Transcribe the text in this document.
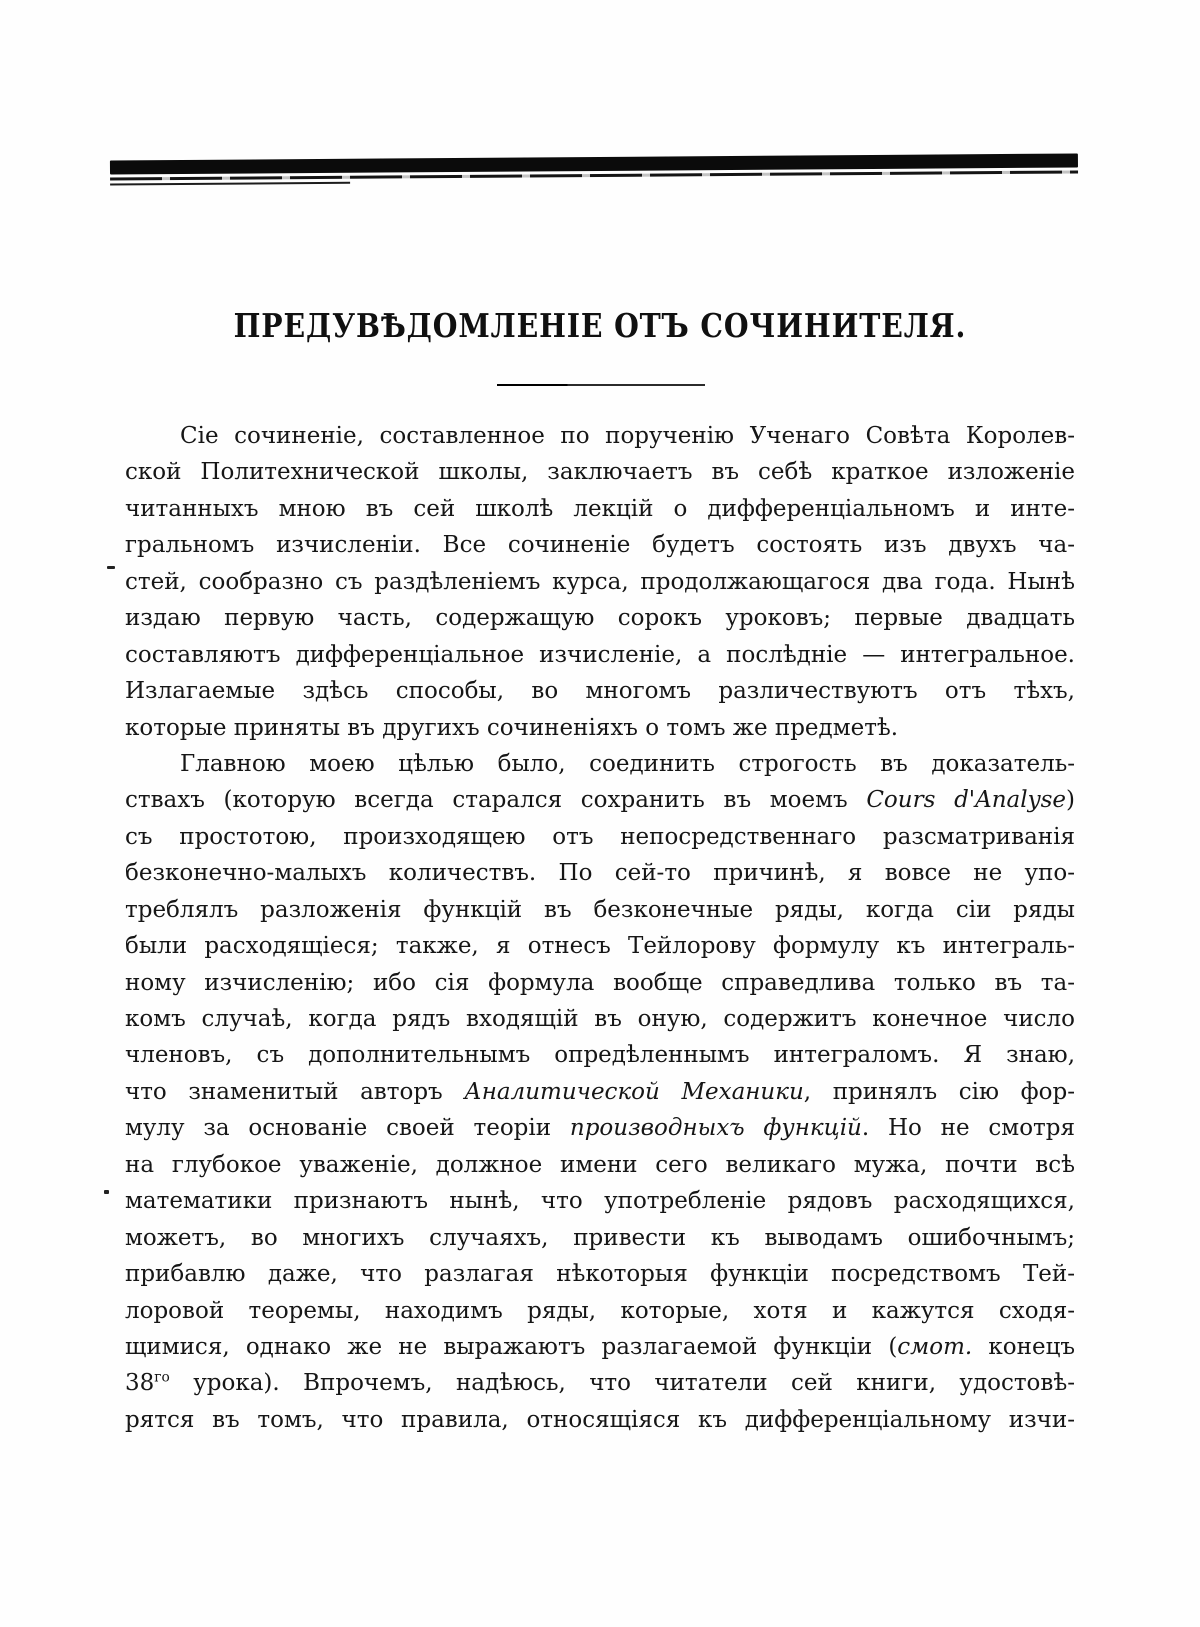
ПРЕДУВѢДОМЛЕНІЕ ОТЪ СОЧИНИТЕЛЯ.
Сіе сочиненіе, составленное по порученію Ученаго Совѣта Королев-
ской Политехнической школы, заключаетъ въ себѣ краткое изложеніе
читанныхъ мною въ сей школѣ лекцій о дифференціальномъ и инте-
гральномъ изчисленіи. Все сочиненіе будетъ состоять изъ двухъ ча-
стей, сообразно съ раздѣленіемъ курса, продолжающагося два года. Нынѣ
издаю первую часть, содержащую сорокъ уроковъ; первые двадцать
составляютъ дифференціальное изчисленіе, а послѣдніе — интегральное.
Излагаемые здѣсь способы, во многомъ различествуютъ отъ тѣхъ,
которые приняты въ другихъ сочиненіяхъ о томъ же предметѣ.
Главною моею цѣлью было, соединить строгость въ доказатель-
ствахъ (которую всегда старался сохранить въ моемъ Cours d'Analyse)
съ простотою, произходящею отъ непосредственнаго разсматриванія
безконечно-малыхъ количествъ. По сей-то причинѣ, я вовсе не упо-
треблялъ разложенія функцій въ безконечные ряды, когда сіи ряды
были расходящіеся; также, я отнесъ Тейлорову формулу къ интеграль-
ному изчисленію; ибо сія формула вообще справедлива только въ та-
комъ случаѣ, когда рядъ входящій въ оную, содержитъ конечное число
членовъ, съ дополнительнымъ опредѣленнымъ интеграломъ. Я знаю,
что знаменитый авторъ Аналитической Механики, принялъ сію фор-
мулу за основаніе своей теоріи производныхъ функцій. Но не смотря
на глубокое уваженіе, должное имени сего великаго мужа, почти всѣ
математики признаютъ нынѣ, что употребленіе рядовъ расходящихся,
можетъ, во многихъ случаяхъ, привести къ выводамъ ошибочнымъ;
прибавлю даже, что разлагая нѣкоторыя функціи посредствомъ Тей-
лоровой теоремы, находимъ ряды, которые, хотя и кажутся сходя-
щимися, однако же не выражаютъ разлагаемой функціи (смот. конецъ
$38^{го}$ урока). Впрочемъ, надѣюсь, что читатели сей книги, удостовѣ-
рятся въ томъ, что правила, относящіяся къ дифференціальному изчи-
